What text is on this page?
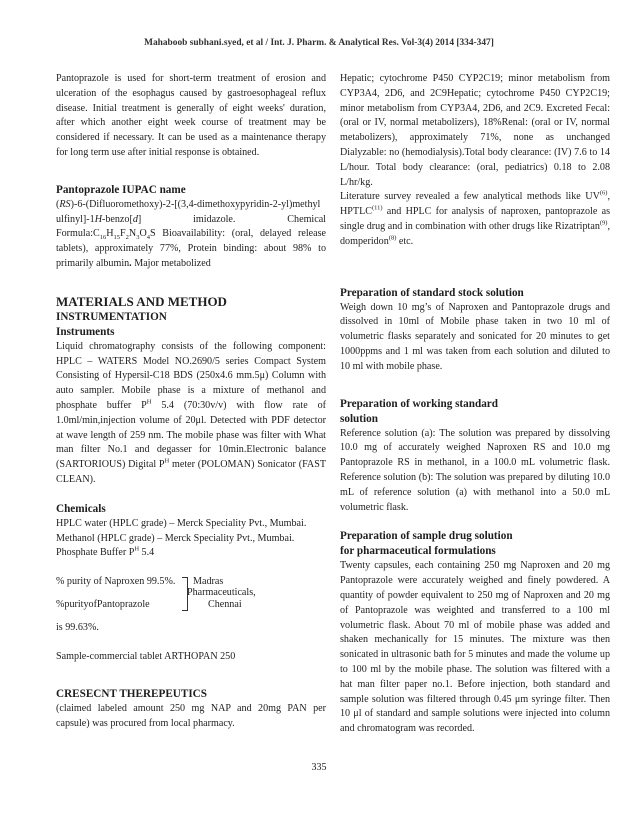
Mahaboob subhani.syed, et al / Int. J. Pharm. & Analytical Res. Vol-3(4) 2014 [334-347]

Pantoprazole is used for short-term treatment of erosion and ulceration of the esophagus caused by gastroesophageal reflux disease. Initial treatment is generally of eight weeks' duration, after which another eight week course of treatment may be considered if necessary. It can be used as a maintenance therapy for long term use after initial response is obtained.

Pantoprazole IUPAC name

(RS)-6-(Difluoromethoxy)-2-[(3,4-dimethoxypyridin-2-yl)methyl ulfinyl]-1H-benzo[d] imidazole. Chemical $Formula:C_{16}H_{15}F_2N_3O_4S$ Bioavailability: (oral, delayed release tablets), approximately 77%, Protein binding: about 98% to primarily albumin. Major metabolized

MATERIALS AND METHOD
INSTRUMENTATION
Instruments

Liquid chromatography consists of the following component: HPLC – WATERS Model NO.2690/5 series Compact System Consisting of Hypersil-C18 BDS (250x4.6 mm.5μ) Column with auto sampler. Mobile phase is a mixture of methanol and phosphate buffer $P^H$ 5.4 (70:30v/v) with flow rate of 1.0ml/min,injection volume of 20μl. Detected with PDF detector at wave length of 259 nm. The mobile phase was filter with What man filter No.1 and degasser for 10min.Electronic balance (SARTORIOUS) Digital $P^H$ meter (POLOMAN) Sonicator (FAST CLEAN).

Chemicals

HPLC water (HPLC grade) – Merck Speciality Pvt., Mumbai.

Methanol (HPLC grade) – Merck Speciality Pvt., Mumbai.

Phosphate Buffer $P^H$ 5.4

% purity of Naproxen 99.5%. Madras
Pharmaceuticals,
%purityofPantoprazole	Chennai

is 99.63%.

Sample-commercial tablet ARTHOPAN 250

CRESECNT THEREPEUTICS

(claimed labeled amount 250 mg NAP and 20mg PAN per capsule) was procured from local pharmacy.

Hepatic; cytochrome P450 CYP2C19; minor metabolism from CYP3A4, 2D6, and 2C9Hepatic; cytochrome P450 CYP2C19; minor metabolism from CYP3A4, 2D6, and 2C9. Excreted Fecal: (oral or IV, normal metabolizers), 18%Renal: (oral or IV, normal metabolizers), approximately 71%, none as unchanged Dialyzable: no (hemodialysis).Total body clearance: (IV) 7.6 to 14 L/hour. Total body clearance: (oral, pediatrics) 0.18 to 2.08 L/hr/kg.

Literature survey revealed a few analytical methods like UV$^{(6)}$, HPTLC$^{(11)}$ and HPLC for analysis of naproxen, pantoprazole as single drug and in combination with other drugs like Rizatriptan$^{(9)}$, domperidon$^{(8)}$ etc.

Preparation of standard stock solution

Weigh down 10 mg’s of Naproxen and Pantoprazole drugs and dissolved in 10ml of Mobile phase taken in two 10 ml of volumetric flasks separately and sonicated for 20 minutes to get 1000ppms and 1 ml was taken from each solution and diluted to 10 ml with mobile phase.

Preparation of working standard
solution

Reference solution (a): The solution was prepared by dissolving 10.0 mg of accurately weighed Naproxen RS and 10.0 mg Pantoprazole RS in methanol, in a 100.0 mL volumetric flask. Reference solution (b): The solution was prepared by diluting 10.0 mL of reference solution (a) with methanol into a 50.0 mL volumetric flask.

Preparation of sample drug solution
for pharmaceutical formulations

Twenty capsules, each containing 250 mg Naproxen and 20 mg Pantoprazole were accurately weighed and finely powdered. A quantity of powder equivalent to 250 mg of Naproxen and 20 mg of Pantoprazole was weighted and transferred to a 100 ml volumetric flask. About 70 ml of mobile phase was added and shaken mechanically for 15 minutes. The mixture was then sonicated in ultrasonic bath for 5 minutes and made the volume up to 100 ml by the mobile phase. The solution was filtered with a hat man filter paper no.1. Before injection, both standard and sample solution was filtered through 0.45 μm syringe filter. Then 10 μl of standard and sample solutions were injected into column and chromatogram was recorded.

335
